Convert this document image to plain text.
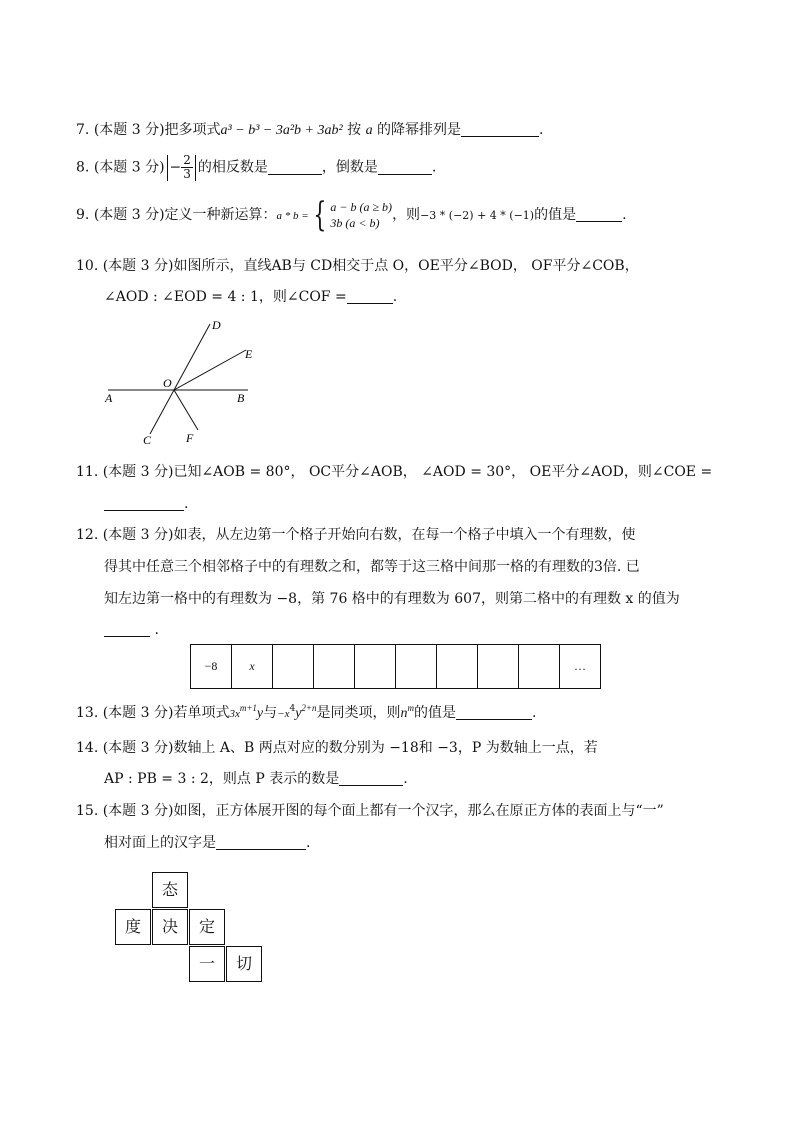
7. (本题 3 分)把多项式a³ − b³ − 3a²b + 3ab² 按 a 的降幂排列是	.
8. (本题 3 分) − $\frac{2}{3}$ 的相反数是	，倒数是	.
9. (本题 3 分)定义一种新运算：a * b = { a − b (a ≥ b)
3b (a < b) ，则−3 * (−2) + 4 * (−1)的值是	.
10. (本题 3 分)如图所示，直线AB与 CD相交于点 O，OE平分∠BOD， OF平分∠COB，
∠AOD : ∠EOD = 4 : 1，则∠COF =	.
A	B
C
D
E
F
O
11. (本题 3 分)已知∠AOB = 80°， OC平分∠AOB， ∠AOD = 30°， OE平分∠AOD，则∠COE =
.
12. (本题 3 分)如表，从左边第一个格子开始向右数，在每一个格子中填入一个有理数，使
得其中任意三个相邻格子中的有理数之和，都等于这三格中间那一格的有理数的3倍. 已
知左边第一格中的有理数为 −8，第 76 格中的有理数为 607，则第二格中的有理数 x 的值为
.
−8	x								…
13. (本题 3 分)若单项式$3x^{m+1}y$与$-x^4y^{2+n}$是同类项，则$n^m$的值是	.
14. (本题 3 分)数轴上 A、B 两点对应的数分别为 −18和 −3，P 为数轴上一点，若
AP : PB = 3 : 2，则点 P 表示的数是	.
15. (本题 3 分)如图，正方体展开图的每个面上都有一个汉字，那么在原正方体的表面上与“一”
相对面上的汉字是	.
态
度	决	定
一	切
